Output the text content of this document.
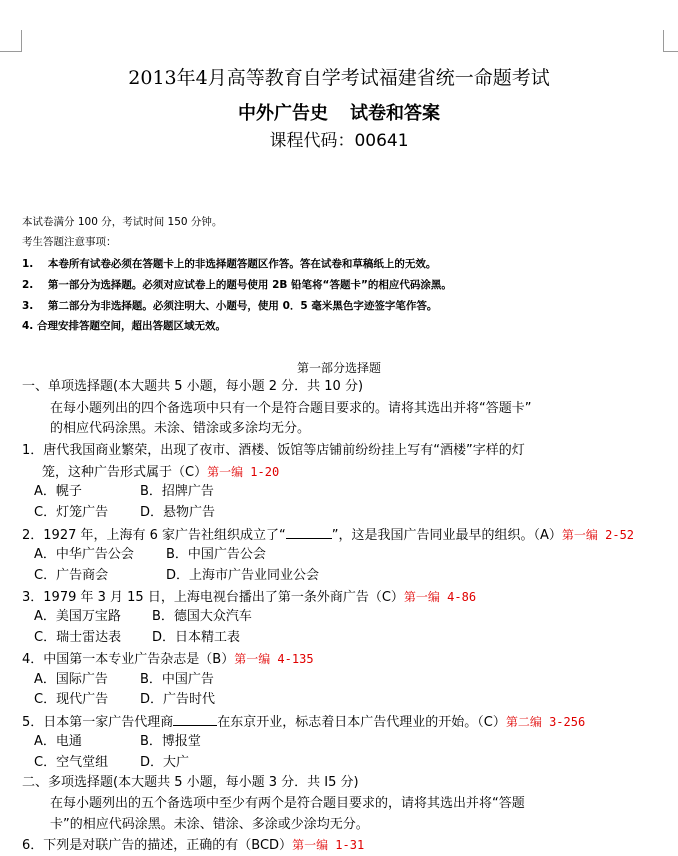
2013年4月高等教育自学考试福建省统一命题考试
中外广告史 试卷和答案
课程代码：00641
本试卷满分 100 分，考试时间 150 分钟。
考生答题注意事项：
1. 本卷所有试卷必须在答题卡上的非选择题答题区作答。答在试卷和草稿纸上的无效。
2. 第一部分为选择题。必须对应试卷上的题号使用 2B 铅笔将“答题卡”的相应代码涂黑。
3. 第二部分为非选择题。必须注明大、小题号，使用 0．5 毫米黑色字迹签字笔作答。
4. 合理安排答题空间，超出答题区域无效。
第一部分选择题
一、单项选择题(本大题共 5 小题，每小题 2 分．共 10 分)
在每小题列出的四个备选项中只有一个是符合题目要求的。请将其选出并将“答题卡”
的相应代码涂黑。未涂、错涂或多涂均无分。
1．唐代我国商业繁荣，出现了夜市、酒楼、饭馆等店铺前纷纷挂上写有“酒楼”字样的灯
笼，这种广告形式属于（C）第一编 1-20
A．幌子	B．招牌广告
C．灯笼广告 D．悬物广告
2．1927 年，上海有 6 家广告社组织成立了“	”，这是我国广告同业最早的组织。（A）第一编 2-52
A．中华广告公会 B．中国广告公会
C．广告商会	D．上海市广告业同业公会
3．1979 年 3 月 15 日，上海电视台播出了第一条外商广告（C）第一编 4-86
A．美国万宝路 B．德国大众汽车
C．瑞士雷达表 D．日本精工表
4．中国第一本专业广告杂志是（B）第一编 4-135
A．国际广告 B．中国广告
C．现代广告 D．广告时代
5．日本第一家广告代理商	在东京开业，标志着日本广告代理业的开始。（C）第二编 3-256
A．电通	B．博报堂
C．空气堂组 D．大广
二、多项选择题(本大题共 5 小题，每小题 3 分．共 I5 分)
在每小题列出的五个备选项中至少有两个是符合题目要求的，请将其选出并将“答题
卡”的相应代码涂黑。未涂、错涂、多涂或少涂均无分。
6．下列是对联广告的描述，正确的有（BCD）第一编 1-31
